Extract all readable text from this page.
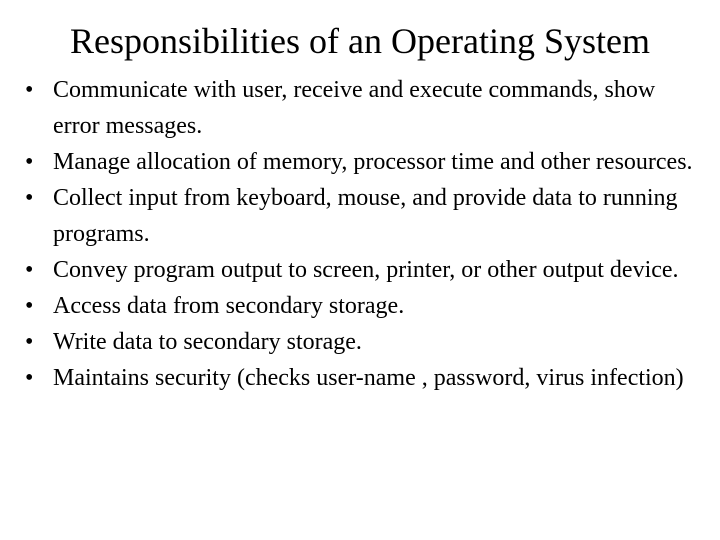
Responsibilities of an Operating System
• Communicate with user, receive and execute commands, show error messages.
• Manage allocation of memory, processor time and other resources.
• Collect input from keyboard, mouse, and provide data to running programs.
• Convey program output to screen, printer, or other output device.
• Access data from secondary storage.
• Write data to secondary storage.
• Maintains security (checks user-name , password, virus infection)
